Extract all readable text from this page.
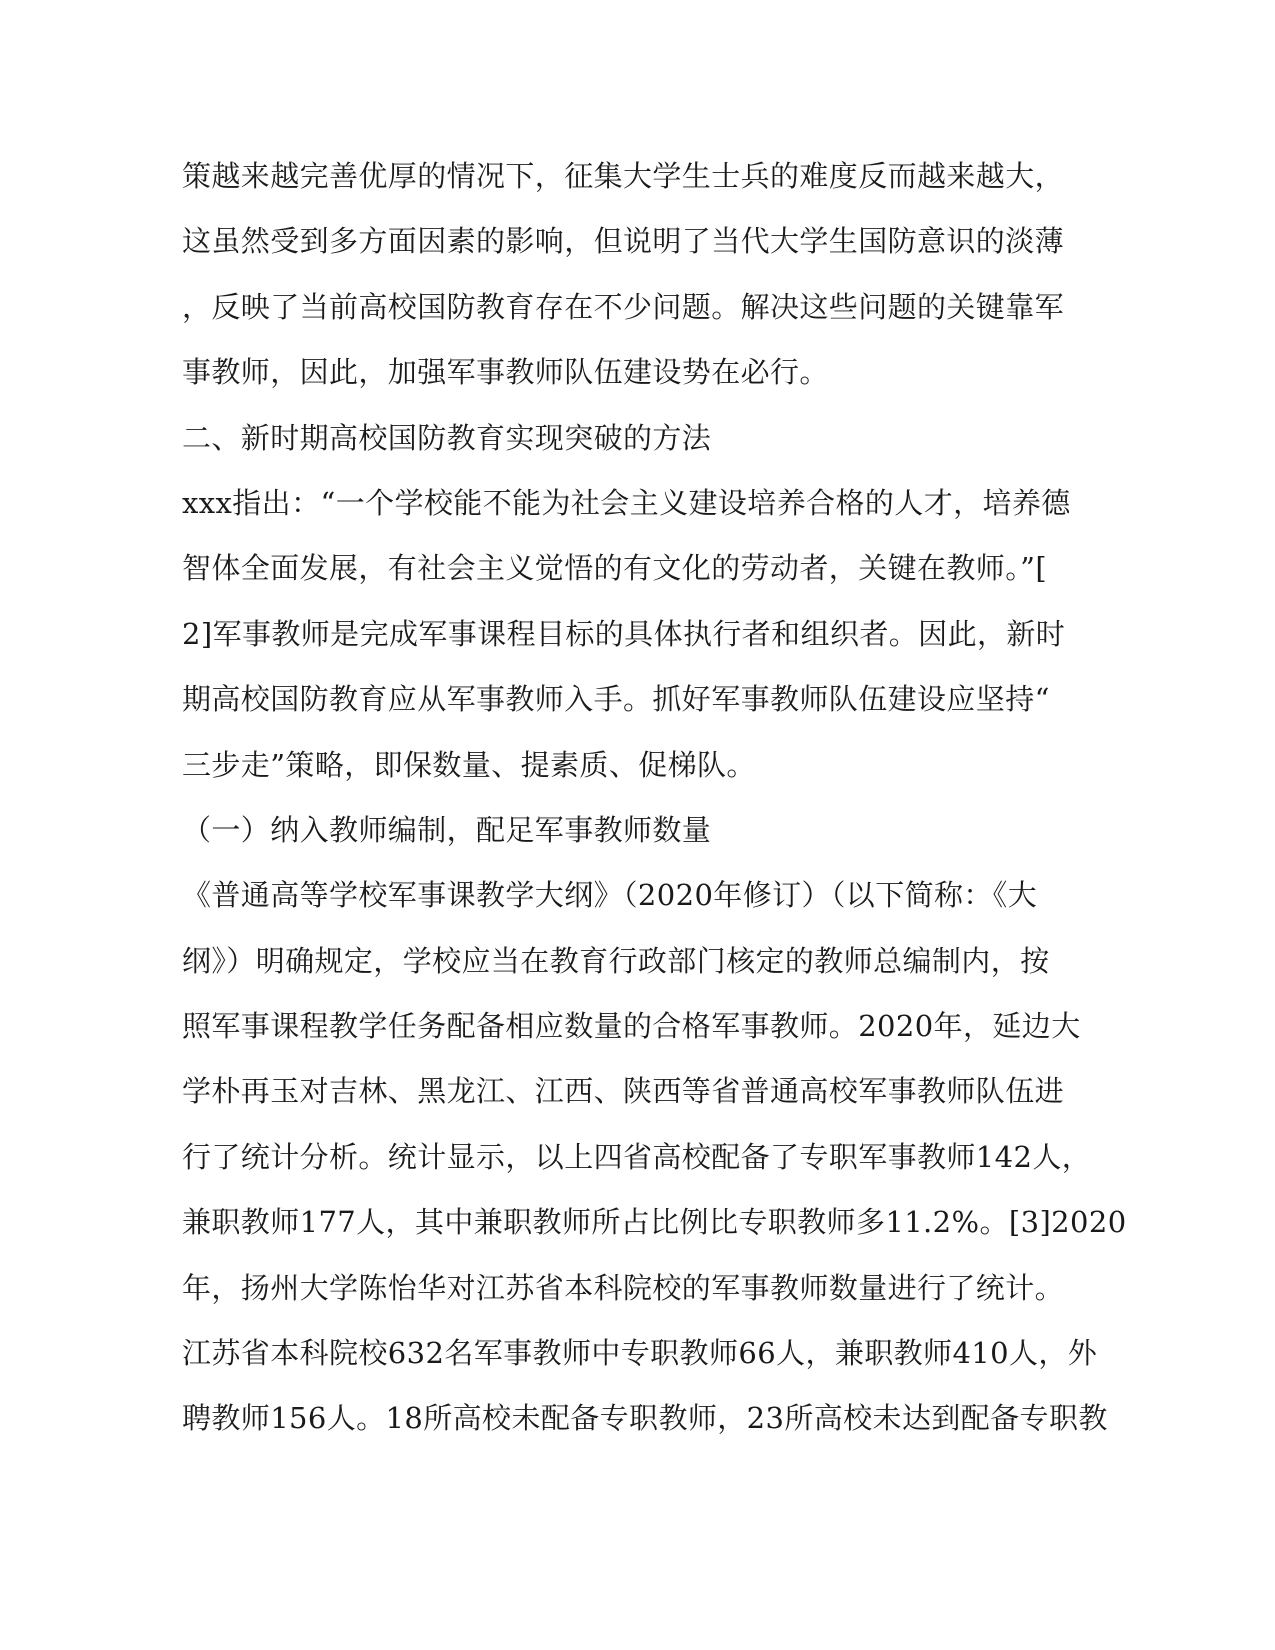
策越来越完善优厚的情况下，征集大学生士兵的难度反而越来越大，
这虽然受到多方面因素的影响，但说明了当代大学生国防意识的淡薄
，反映了当前高校国防教育存在不少问题。解决这些问题的关键靠军
事教师，因此，加强军事教师队伍建设势在必行。
二、新时期高校国防教育实现突破的方法
xxx指出：“一个学校能不能为社会主义建设培养合格的人才，培养德
智体全面发展，有社会主义觉悟的有文化的劳动者，关键在教师。”[
2]军事教师是完成军事课程目标的具体执行者和组织者。因此，新时
期高校国防教育应从军事教师入手。抓好军事教师队伍建设应坚持“
三步走”策略，即保数量、提素质、促梯队。
（一）纳入教师编制，配足军事教师数量
《普通高等学校军事课教学大纲》（2020年修订）（以下简称：《大
纲》）明确规定，学校应当在教育行政部门核定的教师总编制内，按
照军事课程教学任务配备相应数量的合格军事教师。2020年，延边大
学朴再玉对吉林、黑龙江、江西、陕西等省普通高校军事教师队伍进
行了统计分析。统计显示，以上四省高校配备了专职军事教师142人，
兼职教师177人，其中兼职教师所占比例比专职教师多11.2%。[3]2020
年，扬州大学陈怡华对江苏省本科院校的军事教师数量进行了统计。
江苏省本科院校632名军事教师中专职教师66人，兼职教师410人，外
聘教师156人。18所高校未配备专职教师，23所高校未达到配备专职教
